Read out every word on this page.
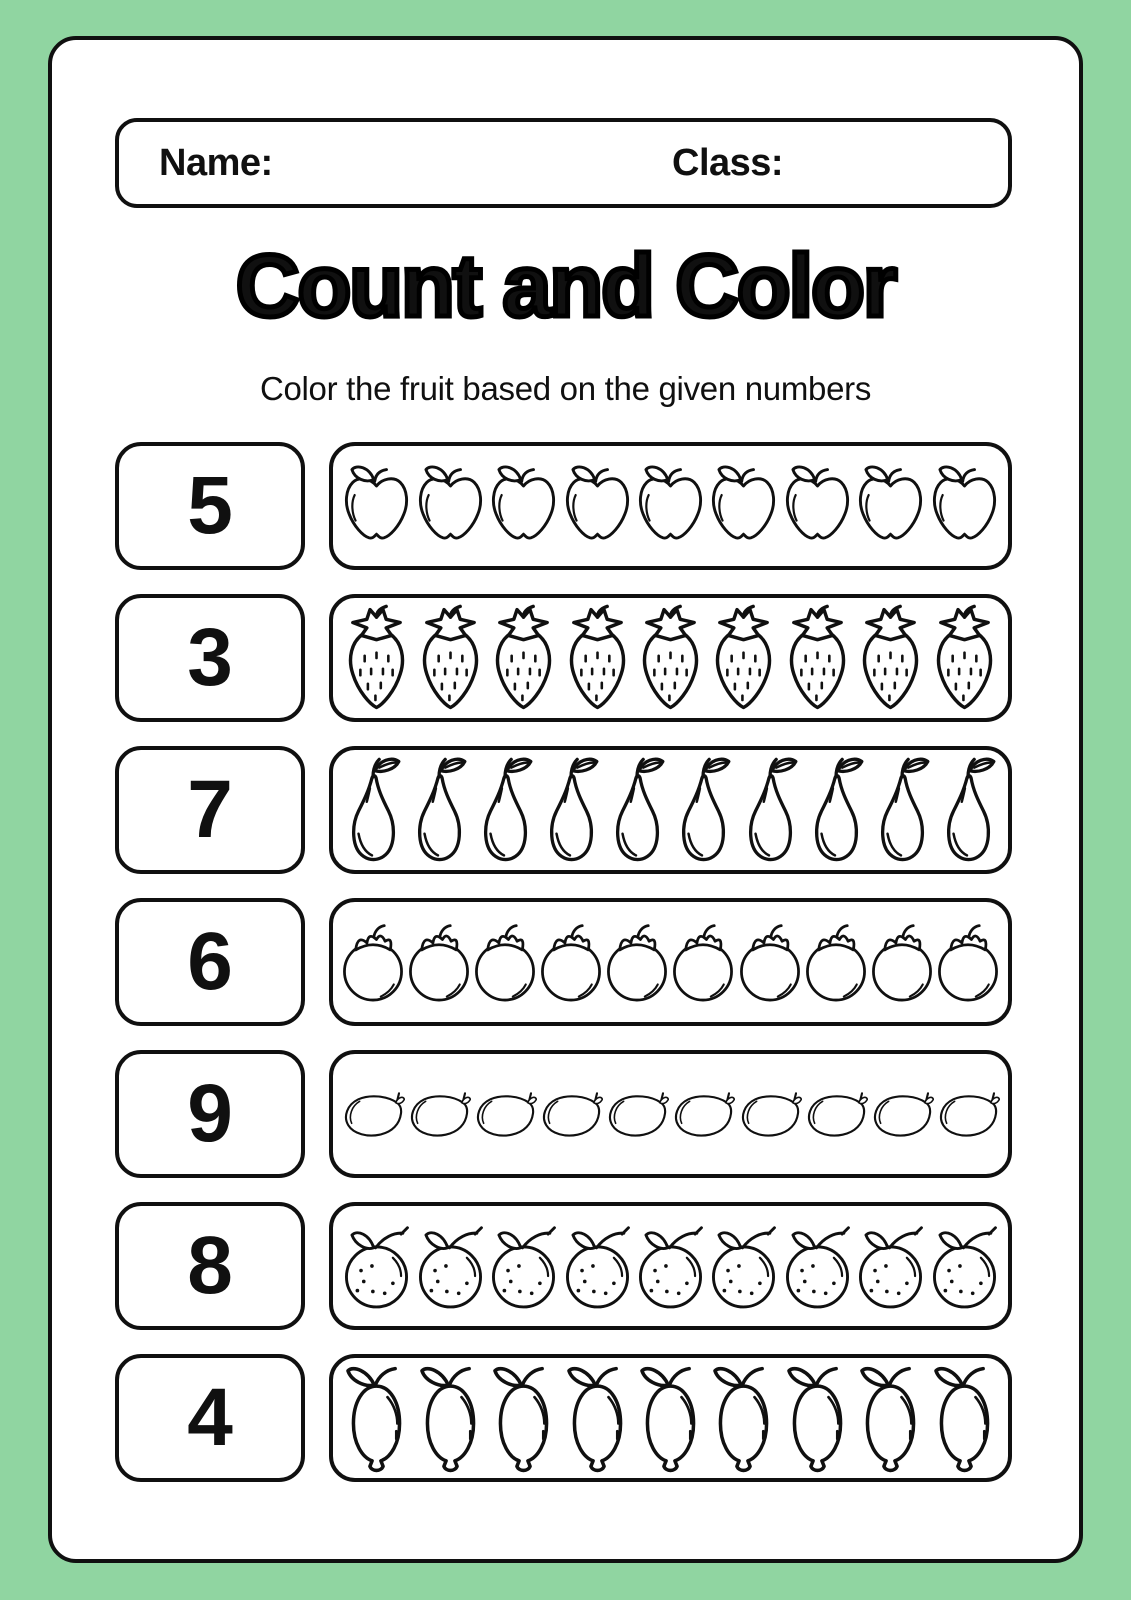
Name:	Class:
Count and Color

Color the fruit based on the given numbers

5
3
7
6
9
8
4
